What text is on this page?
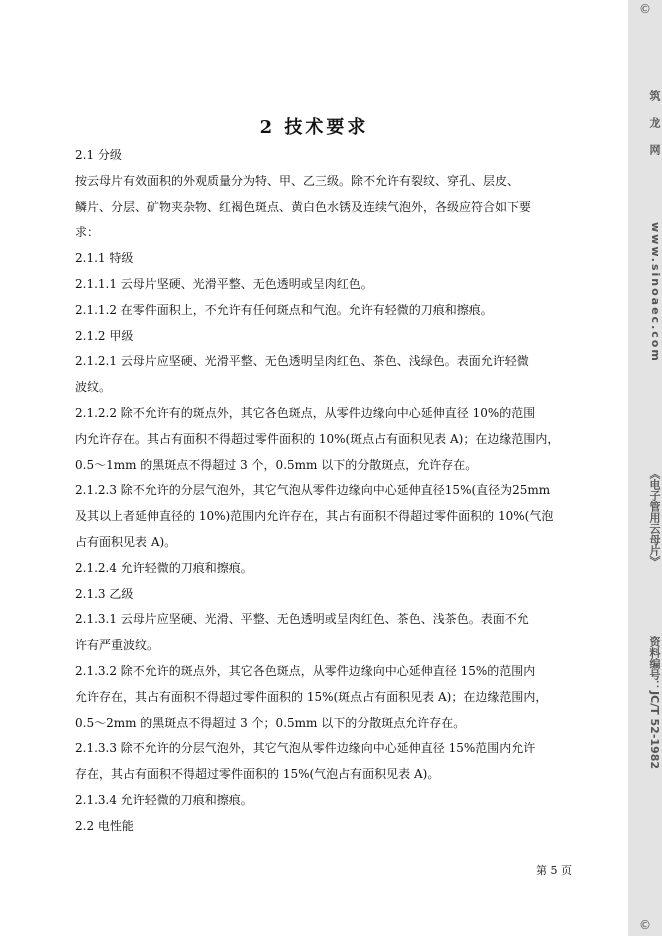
2 技术要求
2.1 分级
按云母片有效面积的外观质量分为特、甲、乙三级。除不允许有裂纹、穿孔、层皮、
鳞片、分层、矿物夹杂物、红褐色斑点、黄白色水锈及连续气泡外，各级应符合如下要
求：
2.1.1 特级
2.1.1.1 云母片坚硬、光滑平整、无色透明或呈肉红色。
2.1.1.2 在零件面积上，不允许有任何斑点和气泡。允许有轻微的刀痕和擦痕。
2.1.2 甲级
2.1.2.1 云母片应坚硬、光滑平整、无色透明呈肉红色、茶色、浅绿色。表面允许轻微
波纹。
2.1.2.2 除不允许有的斑点外，其它各色斑点，从零件边缘向中心延伸直径 10%的范围
内允许存在。其占有面积不得超过零件面积的 10%(斑点占有面积见表 A)；在边缘范围内，
0.5～1mm 的黑斑点不得超过 3 个，0.5mm 以下的分散斑点，允许存在。
2.1.2.3 除不允许的分层气泡外，其它气泡从零件边缘向中心延伸直径15%(直径为25mm
及其以上者延伸直径的 10%)范围内允许存在，其占有面积不得超过零件面积的 10%(气泡
占有面积见表 A)。
2.1.2.4 允许轻微的刀痕和擦痕。
2.1.3 乙级
2.1.3.1 云母片应坚硬、光滑、平整、无色透明或呈肉红色、茶色、浅茶色。表面不允
许有严重波纹。
2.1.3.2 除不允许的斑点外，其它各色斑点，从零件边缘向中心延伸直径 15%的范围内
允许存在，其占有面积不得超过零件面积的 15%(斑点占有面积见表 A)；在边缘范围内，
0.5～2mm 的黑斑点不得超过 3 个；0.5mm 以下的分散斑点允许存在。
2.1.3.3 除不允许的分层气泡外，其它气泡从零件边缘向中心延伸直径 15%范围内允许
存在，其占有面积不得超过零件面积的 15%(气泡占有面积见表 A)。
2.1.3.4 允许轻微的刀痕和擦痕。
2.2 电性能
第 5 页
©
筑 龙 网
www.sinoaec.com
《电子管用云母片》
资料编号：JC/T 52-1982
©
